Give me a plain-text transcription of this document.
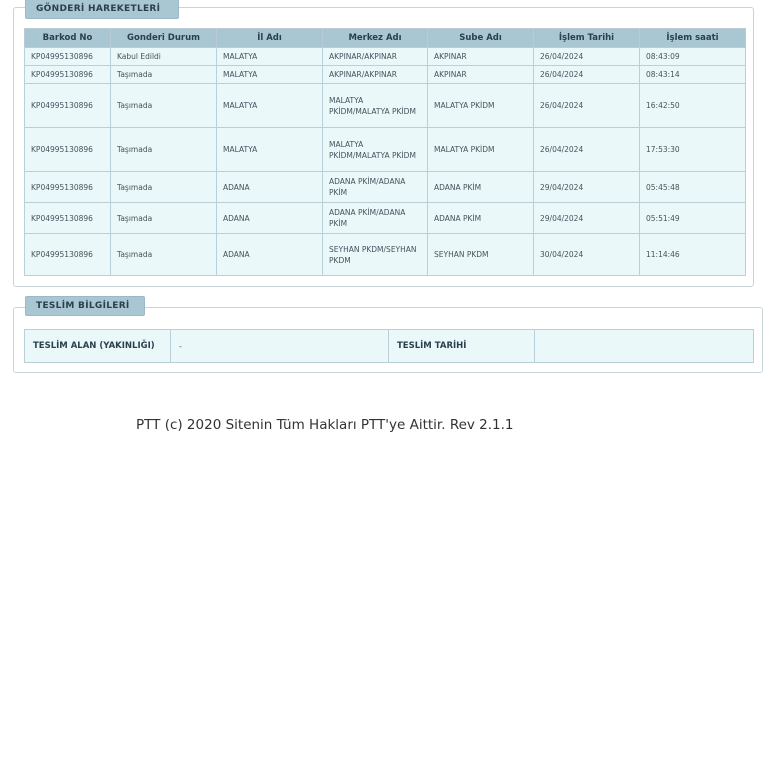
GÖNDERİ HAREKETLERİ
Barkod No	Gonderi Durum	İl Adı	Merkez Adı	Sube Adı	İşlem Tarihi	İşlem saati
KP04995130896	Kabul Edildi	MALATYA	AKPINAR/AKPINAR	AKPINAR	26/04/2024	08:43:09
KP04995130896	Taşımada	MALATYA	AKPINAR/AKPINAR	AKPINAR	26/04/2024	08:43:14
KP04995130896	Taşımada	MALATYA	MALATYA PKİDM/MALATYA PKİDM	MALATYA PKİDM	26/04/2024	16:42:50
KP04995130896	Taşımada	MALATYA	MALATYA PKİDM/MALATYA PKİDM	MALATYA PKİDM	26/04/2024	17:53:30
KP04995130896	Taşımada	ADANA	ADANA PKİM/ADANA PKİM	ADANA PKİM	29/04/2024	05:45:48
KP04995130896	Taşımada	ADANA	ADANA PKİM/ADANA PKİM	ADANA PKİM	29/04/2024	05:51:49
KP04995130896	Taşımada	ADANA	SEYHAN PKDM/SEYHAN PKDM	SEYHAN PKDM	30/04/2024	11:14:46
TESLİM BİLGİLERİ
TESLİM ALAN (YAKINLIĞI)	-	TESLİM TARİHİ	
PTT (c) 2020 Sitenin Tüm Hakları PTT'ye Aittir. Rev 2.1.1
